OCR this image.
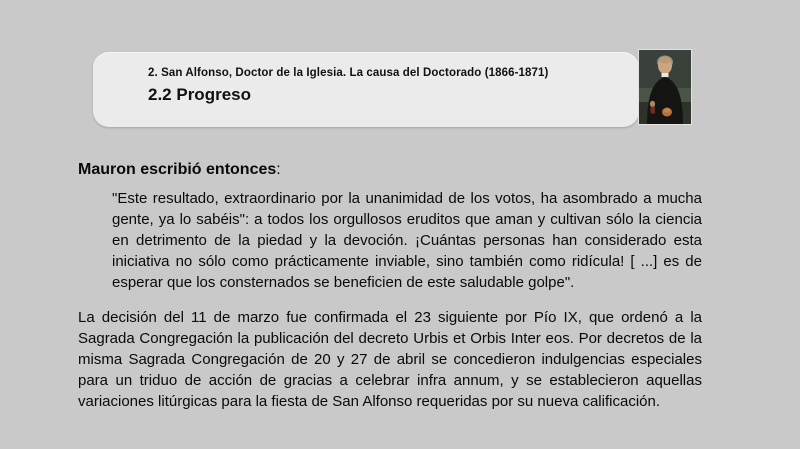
2. San Alfonso, Doctor de la Iglesia. La causa del Doctorado (1866-1871)
2.2 Progreso
Mauron escribió entonces:
"Este resultado, extraordinario por la unanimidad de los votos, ha asombrado a mucha gente, ya lo sabéis": a todos los orgullosos eruditos que aman y cultivan sólo la ciencia en detrimento de la piedad y la devoción. ¡Cuántas personas han considerado esta iniciativa no sólo como prácticamente inviable, sino también como ridícula! [ ...] es de esperar que los consternados se beneficien de este saludable golpe".
La decisión del 11 de marzo fue confirmada el 23 siguiente por Pío IX, que ordenó a la Sagrada Congregación la publicación del decreto Urbis et Orbis Inter eos. Por decretos de la misma Sagrada Congregación de 20 y 27 de abril se concedieron indulgencias especiales para un triduo de acción de gracias a celebrar infra annum, y se establecieron aquellas variaciones litúrgicas para la fiesta de San Alfonso requeridas por su nueva calificación.
